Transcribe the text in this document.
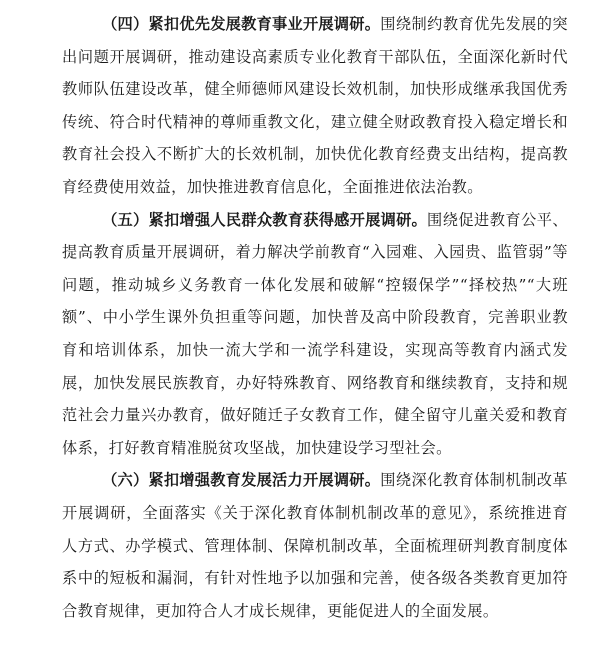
（四）紧扣优先发展教育事业开展调研。围绕制约教育优先发展的突出问题开展调研，推动建设高素质专业化教育干部队伍，全面深化新时代教师队伍建设改革，健全师德师风建设长效机制，加快形成继承我国优秀传统、符合时代精神的尊师重教文化，建立健全财政教育投入稳定增长和教育社会投入不断扩大的长效机制，加快优化教育经费支出结构，提高教育经费使用效益，加快推进教育信息化，全面推进依法治教。

（五）紧扣增强人民群众教育获得感开展调研。围绕促进教育公平、提高教育质量开展调研，着力解决学前教育“入园难、入园贵、监管弱”等问题，推动城乡义务教育一体化发展和破解“控辍保学”“择校热”“大班额”、中小学生课外负担重等问题，加快普及高中阶段教育，完善职业教育和培训体系，加快一流大学和一流学科建设，实现高等教育内涵式发展，加快发展民族教育，办好特殊教育、网络教育和继续教育，支持和规范社会力量兴办教育，做好随迁子女教育工作，健全留守儿童关爱和教育体系，打好教育精准脱贫攻坚战，加快建设学习型社会。

（六）紧扣增强教育发展活力开展调研。围绕深化教育体制机制改革开展调研，全面落实《关于深化教育体制机制改革的意见》，系统推进育人方式、办学模式、管理体制、保障机制改革，全面梳理研判教育制度体系中的短板和漏洞，有针对性地予以加强和完善，使各级各类教育更加符合教育规律，更加符合人才成长规律，更能促进人的全面发展。
